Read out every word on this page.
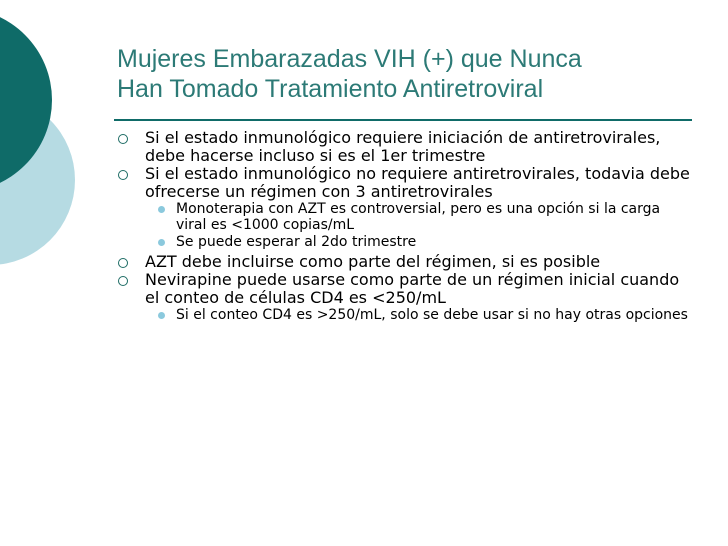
Mujeres Embarazadas VIH (+) que Nunca
Han Tomado Tratamiento Antiretroviral
Si el estado inmunológico requiere iniciación de antiretrovirales, debe hacerse incluso si es el 1er trimestre
Si el estado inmunológico no requiere antiretrovirales, todavia debe ofrecerse un régimen con 3 antiretrovirales
Monoterapia con AZT es controversial, pero es una opción si la carga viral es <1000 copias/mL
Se puede esperar al 2do trimestre
AZT debe incluirse como parte del régimen, si es posible
Nevirapine puede usarse como parte de un régimen inicial cuando el conteo de células CD4 es <250/mL
Si el conteo CD4 es >250/mL, solo se debe usar si no hay otras opciones
